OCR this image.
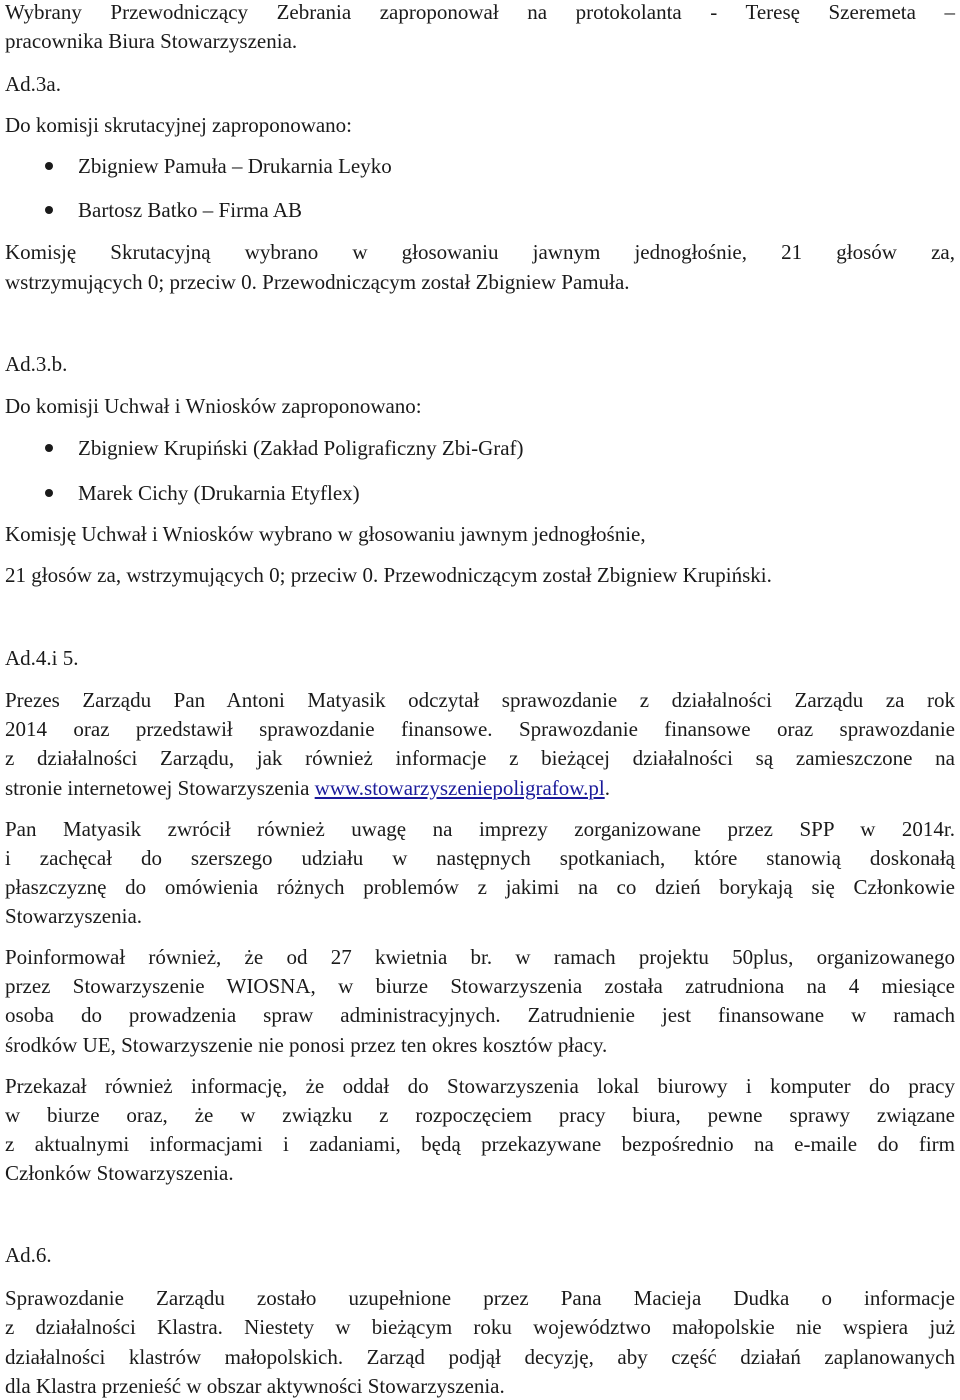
Wybrany Przewodniczący Zebrania zaproponował na protokolanta - Teresę Szeremeta –
pracownika Biura Stowarzyszenia.
Ad.3a.
Do komisji skrutacyjnej zaproponowano:
Zbigniew Pamuła – Drukarnia Leyko
Bartosz Batko – Firma AB
Komisję Skrutacyjną wybrano w głosowaniu jawnym jednogłośnie, 21 głosów za,
wstrzymujących 0; przeciw 0. Przewodniczącym został Zbigniew Pamuła.
Ad.3.b.
Do komisji Uchwał i Wniosków zaproponowano:
Zbigniew Krupiński (Zakład Poligraficzny Zbi-Graf)
Marek Cichy (Drukarnia Etyflex)
Komisję Uchwał i Wniosków wybrano w głosowaniu jawnym jednogłośnie,
21 głosów za, wstrzymujących 0; przeciw 0. Przewodniczącym został Zbigniew Krupiński.
Ad.4.i 5.
Prezes Zarządu Pan Antoni Matyasik odczytał sprawozdanie z działalności Zarządu za rok
2014 oraz przedstawił sprawozdanie finansowe. Sprawozdanie finansowe oraz sprawozdanie
z działalności Zarządu, jak również informacje z bieżącej działalności są zamieszczone na
stronie internetowej Stowarzyszenia www.stowarzyszeniepoligrafow.pl.
Pan Matyasik zwrócił również uwagę na imprezy zorganizowane przez SPP w 2014r.
i zachęcał do szerszego udziału w następnych spotkaniach, które stanowią doskonałą
płaszczyznę do omówienia różnych problemów z jakimi na co dzień borykają się Członkowie
Stowarzyszenia.
Poinformował również, że od 27 kwietnia br. w ramach projektu 50plus, organizowanego
przez Stowarzyszenie WIOSNA, w biurze Stowarzyszenia została zatrudniona na 4 miesiące
osoba do prowadzenia spraw administracyjnych. Zatrudnienie jest finansowane w ramach
środków UE, Stowarzyszenie nie ponosi przez ten okres kosztów płacy.
Przekazał również informację, że oddał do Stowarzyszenia lokal biurowy i komputer do pracy
w biurze oraz, że w związku z rozpoczęciem pracy biura, pewne sprawy związane
z aktualnymi informacjami i zadaniami, będą przekazywane bezpośrednio na e-maile do firm
Członków Stowarzyszenia.
Ad.6.
Sprawozdanie Zarządu zostało uzupełnione przez Pana Macieja Dudka o informacje
z działalności Klastra. Niestety w bieżącym roku województwo małopolskie nie wspiera już
działalności klastrów małopolskich. Zarząd podjął decyzję, aby część działań zaplanowanych
dla Klastra przenieść w obszar aktywności Stowarzyszenia.
